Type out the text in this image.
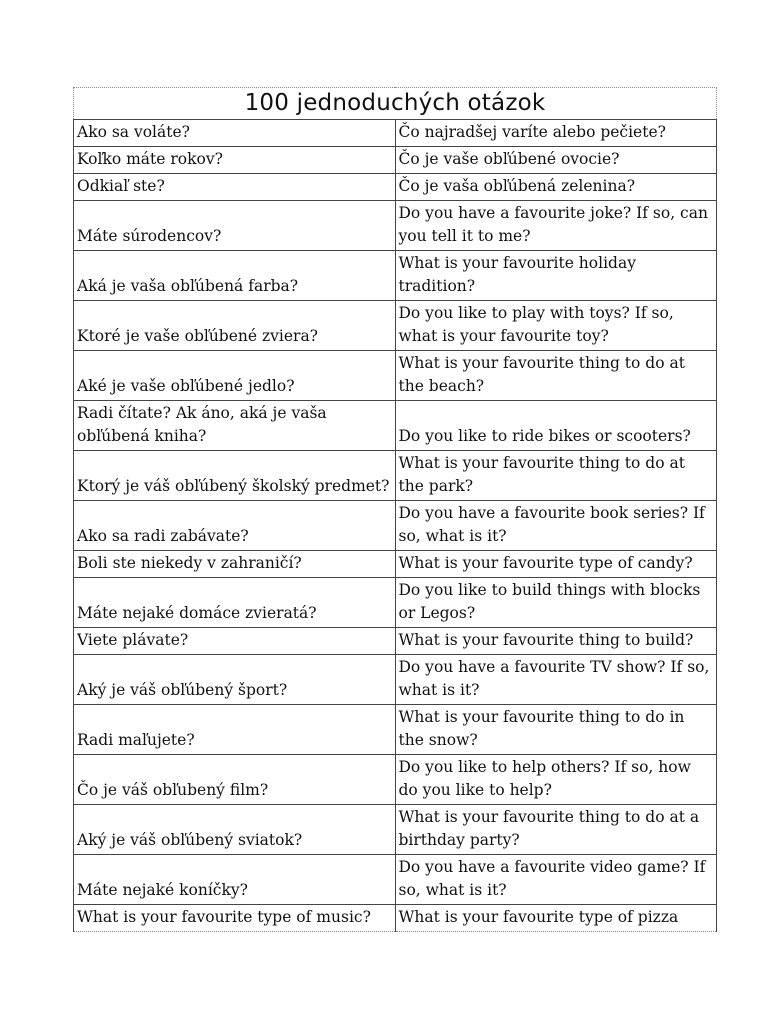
100 jednoduchých otázok	
Ako sa voláte?	Čo najradšej varíte alebo pečiete?
Koľko máte rokov?	Čo je vaše obľúbené ovocie?
Odkiaľ ste?	Čo je vaša obľúbená zelenina?
Máte súrodencov?	Do you have a favourite joke? If so, can you tell it to me?
Aká je vaša obľúbená farba?	What is your favourite holiday tradition?
Ktoré je vaše obľúbené zviera?	Do you like to play with toys? If so, what is your favourite toy?
Aké je vaše obľúbené jedlo?	What is your favourite thing to do at the beach?
Radi čítate? Ak áno, aká je vaša obľúbená kniha?	Do you like to ride bikes or scooters?
Ktorý je váš obľúbený školský predmet?	What is your favourite thing to do at the park?
Ako sa radi zabávate?	Do you have a favourite book series? If so, what is it?
Boli ste niekedy v zahraničí?	What is your favourite type of candy?
Máte nejaké domáce zvieratá?	Do you like to build things with blocks or Legos?
Viete plávate?	What is your favourite thing to build?
Aký je váš obľúbený šport?	Do you have a favourite TV show? If so, what is it?
Radi maľujete?	What is your favourite thing to do in the snow?
Čo je váš obľubený film?	Do you like to help others? If so, how do you like to help?
Aký je váš obľúbený sviatok?	What is your favourite thing to do at a birthday party?
Máte nejaké koníčky?	Do you have a favourite video game? If so, what is it?
What is your favourite type of music?	What is your favourite type of pizza
